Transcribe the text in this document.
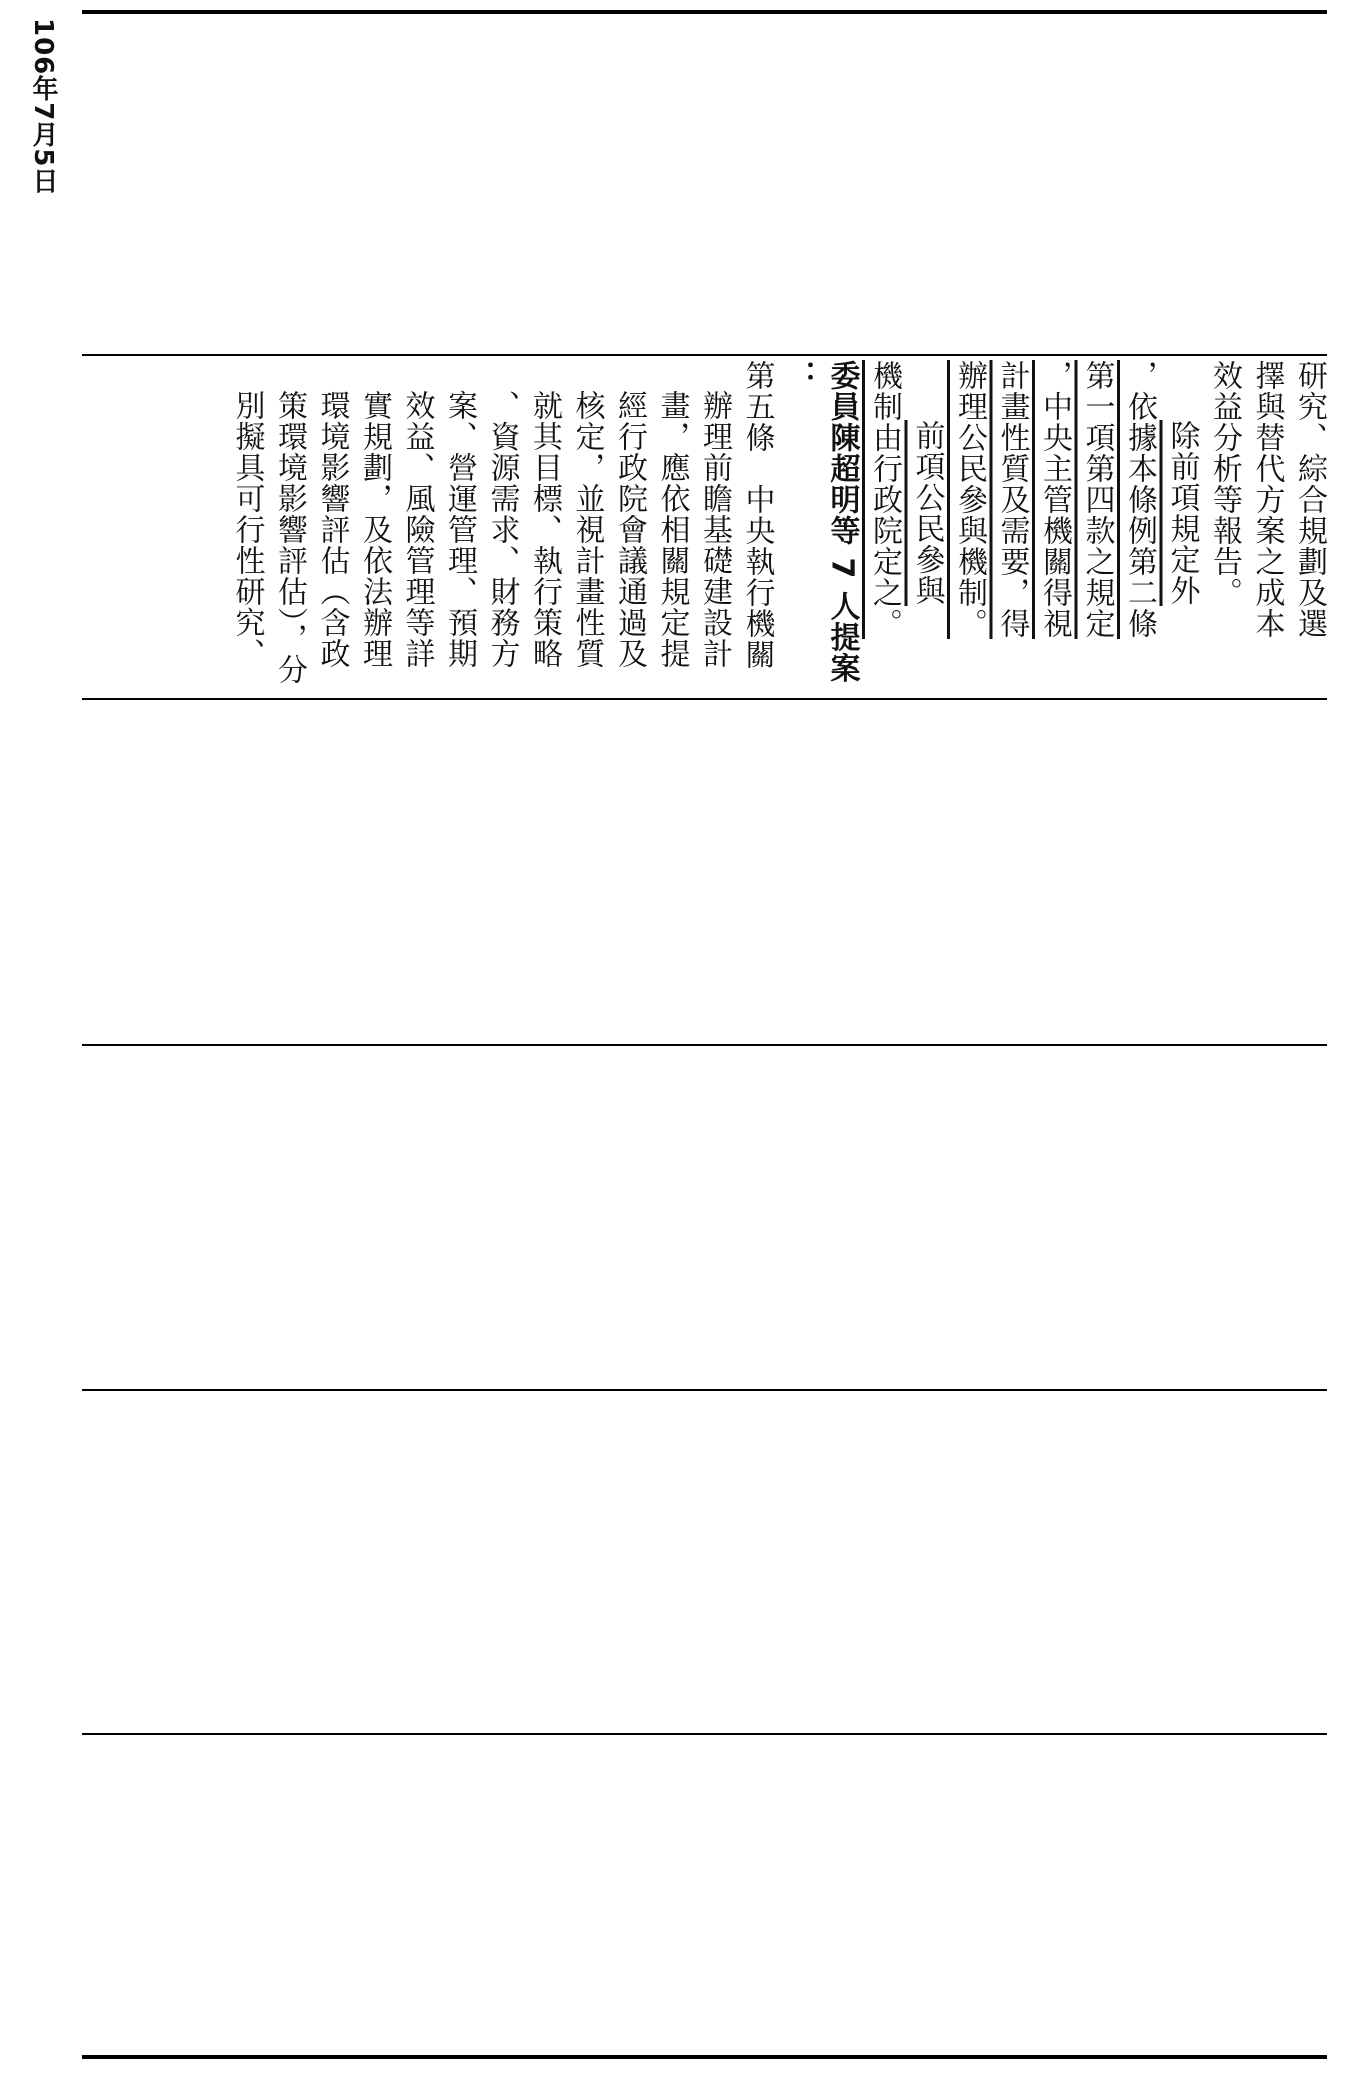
106年7月5日
研究、綜合規劃及選
擇與替代方案之成本
效益分析等報告。
除前項規定外
，依據本條例第二條
第一項第四款之規定
，中央主管機關得視
計畫性質及需要，得
辦理公民參與機制。
前項公民參與
機制由行政院定之。
委員陳超明等 7 人提案
：
第五條　中央執行機關
辦理前瞻基礎建設計
畫，應依相關規定提
經行政院會議通過及
核定，並視計畫性質
就其目標、執行策略
、資源需求、財務方
案、營運管理、預期
效益、風險管理等詳
實規劃，及依法辦理
環境影響評估（含政
策環境影響評估），分
別擬具可行性研究、
